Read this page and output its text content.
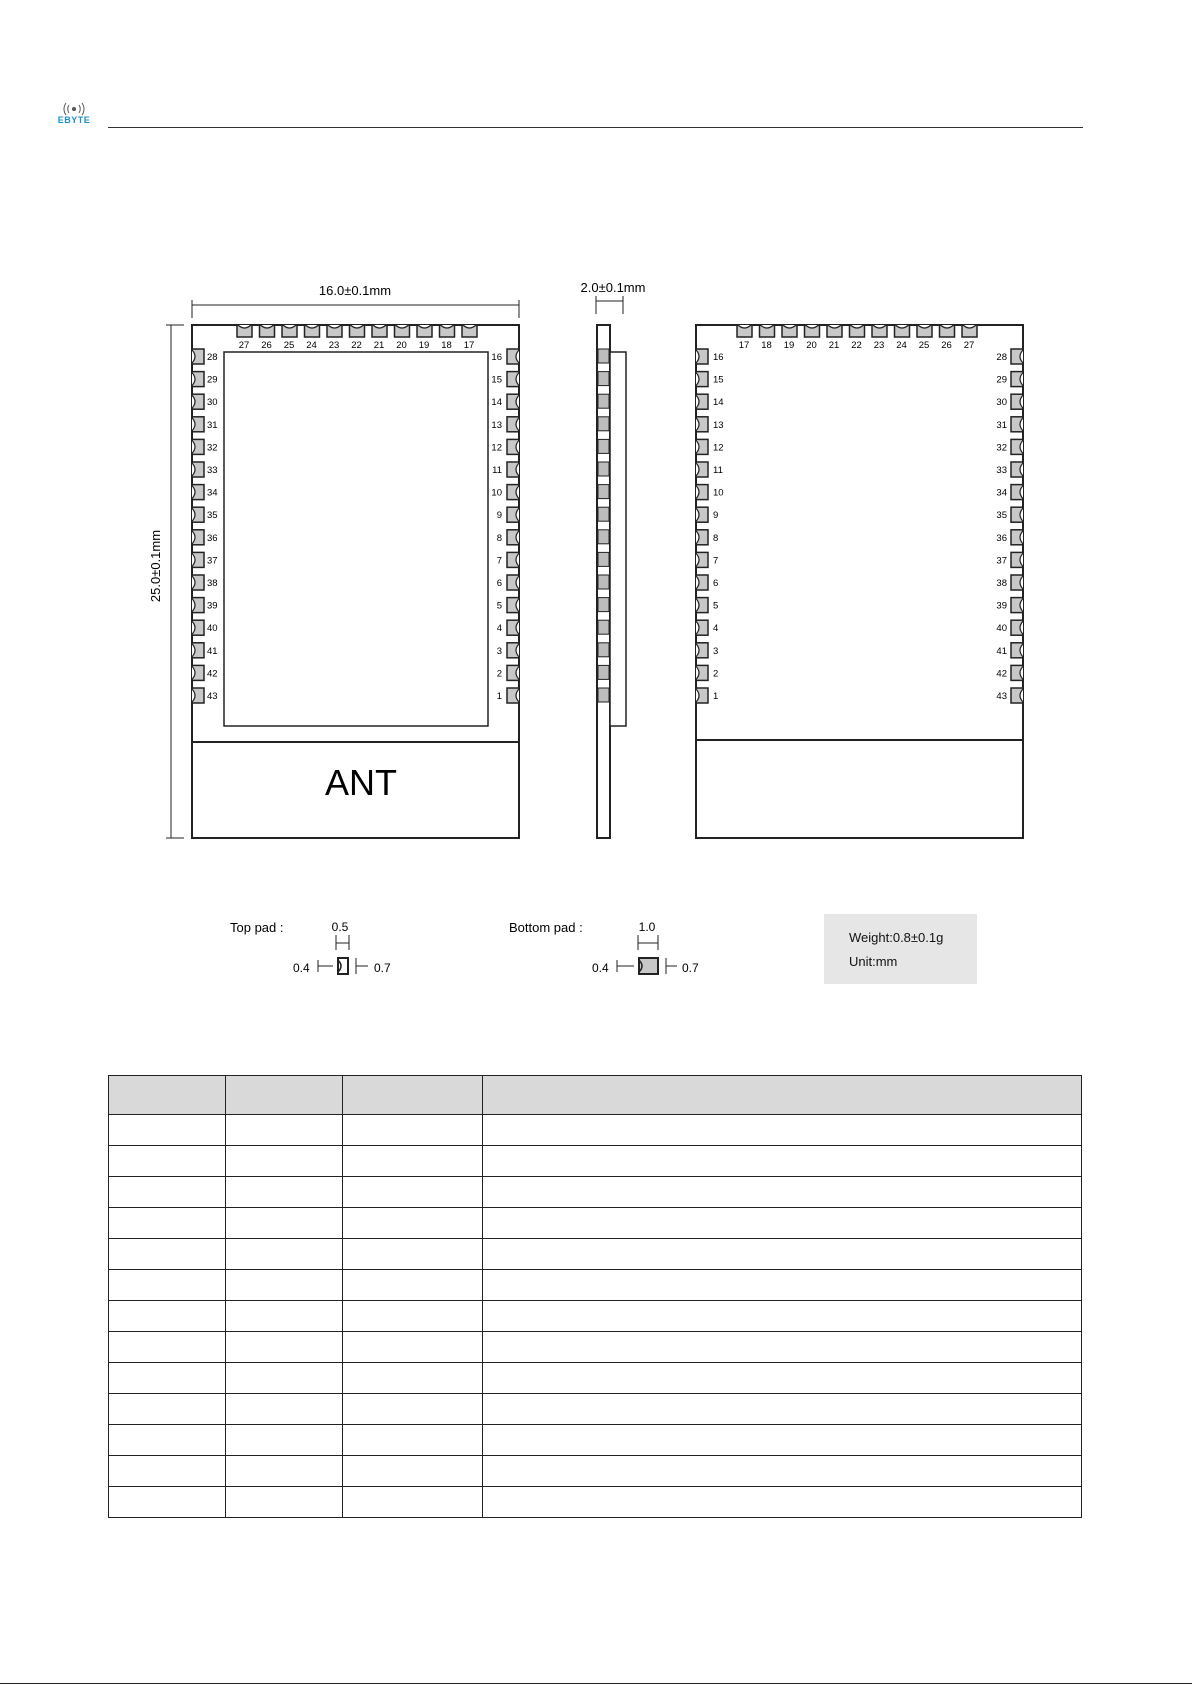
EBYTE
16.0±0.1mm
25.0±0.1mm
ANT
27 26 25 24 23 22 21 20 19 18 17
28
29
30
31
32
33
34
35
36
37
38
39
40
41
42
43
16
15
14
13
12
11
10
9
8
7
6
5
4
3
2
1
2.0±0.1mm
17 18 19 20 21 22 23 24 25 26 27
16
15
14
13
12
11
10
9
8
7
6
5
4
3
2
1
28
29
30
31
32
33
34
35
36
37
38
39
40
41
42
43
Top pad :	0.5
0.4	0.7
Bottom pad :	1.0
0.4	0.7
Weight:0.8±0.1g
Unit:mm
